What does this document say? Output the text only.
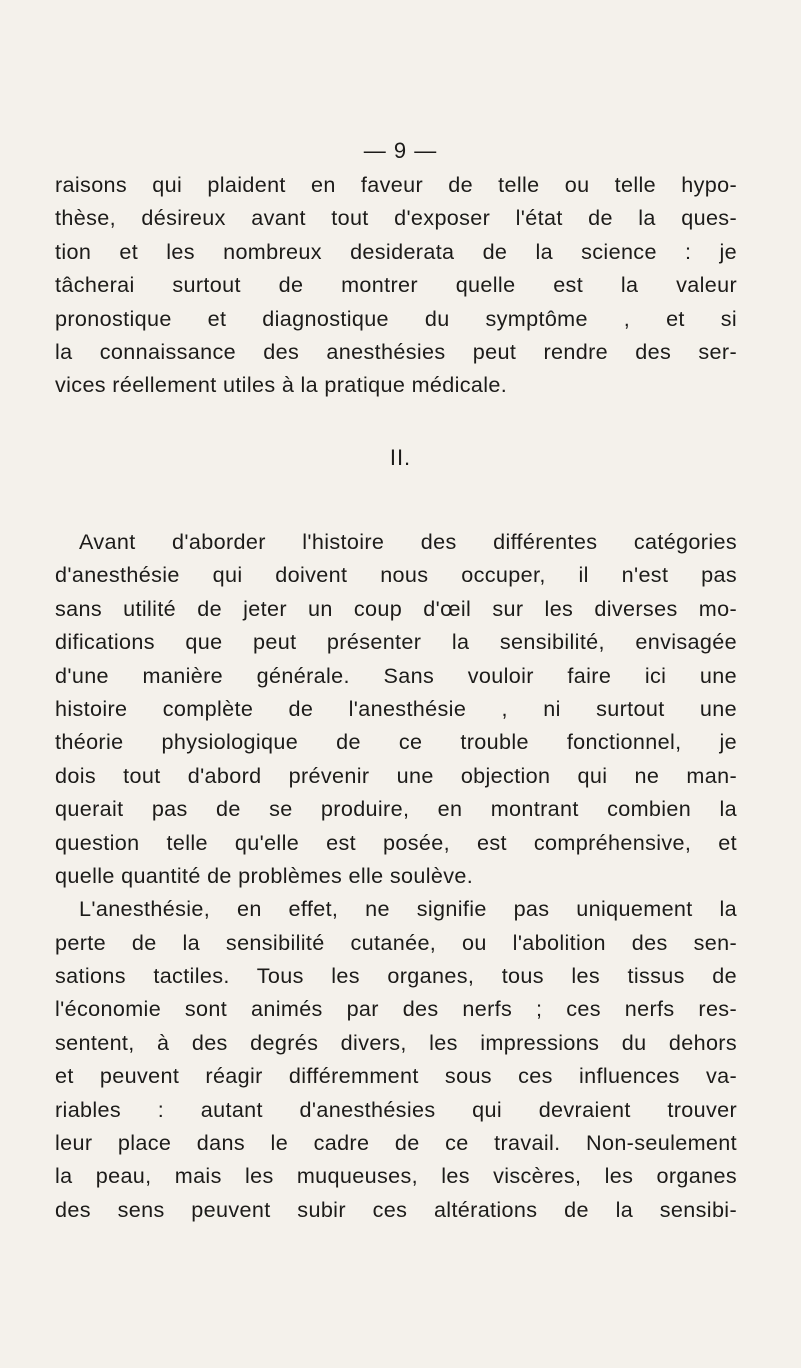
— 9 —
raisons qui plaident en faveur de telle ou telle hypo-
thèse, désireux avant tout d'exposer l'état de la ques-
tion et les nombreux desiderata de la science : je
tâcherai surtout de montrer quelle est la valeur
pronostique et diagnostique du symptôme , et si
la connaissance des anesthésies peut rendre des ser-
vices réellement utiles à la pratique médicale.
II.
Avant d'aborder l'histoire des différentes catégories
d'anesthésie qui doivent nous occuper, il n'est pas
sans utilité de jeter un coup d'œil sur les diverses mo-
difications que peut présenter la sensibilité, envisagée
d'une manière générale. Sans vouloir faire ici une
histoire complète de l'anesthésie , ni surtout une
théorie physiologique de ce trouble fonctionnel, je
dois tout d'abord prévenir une objection qui ne man-
querait pas de se produire, en montrant combien la
question telle qu'elle est posée, est compréhensive, et
quelle quantité de problèmes elle soulève.
L'anesthésie, en effet, ne signifie pas uniquement la
perte de la sensibilité cutanée, ou l'abolition des sen-
sations tactiles. Tous les organes, tous les tissus de
l'économie sont animés par des nerfs ; ces nerfs res-
sentent, à des degrés divers, les impressions du dehors
et peuvent réagir différemment sous ces influences va-
riables : autant d'anesthésies qui devraient trouver
leur place dans le cadre de ce travail. Non-seulement
la peau, mais les muqueuses, les viscères, les organes
des sens peuvent subir ces altérations de la sensibi-
